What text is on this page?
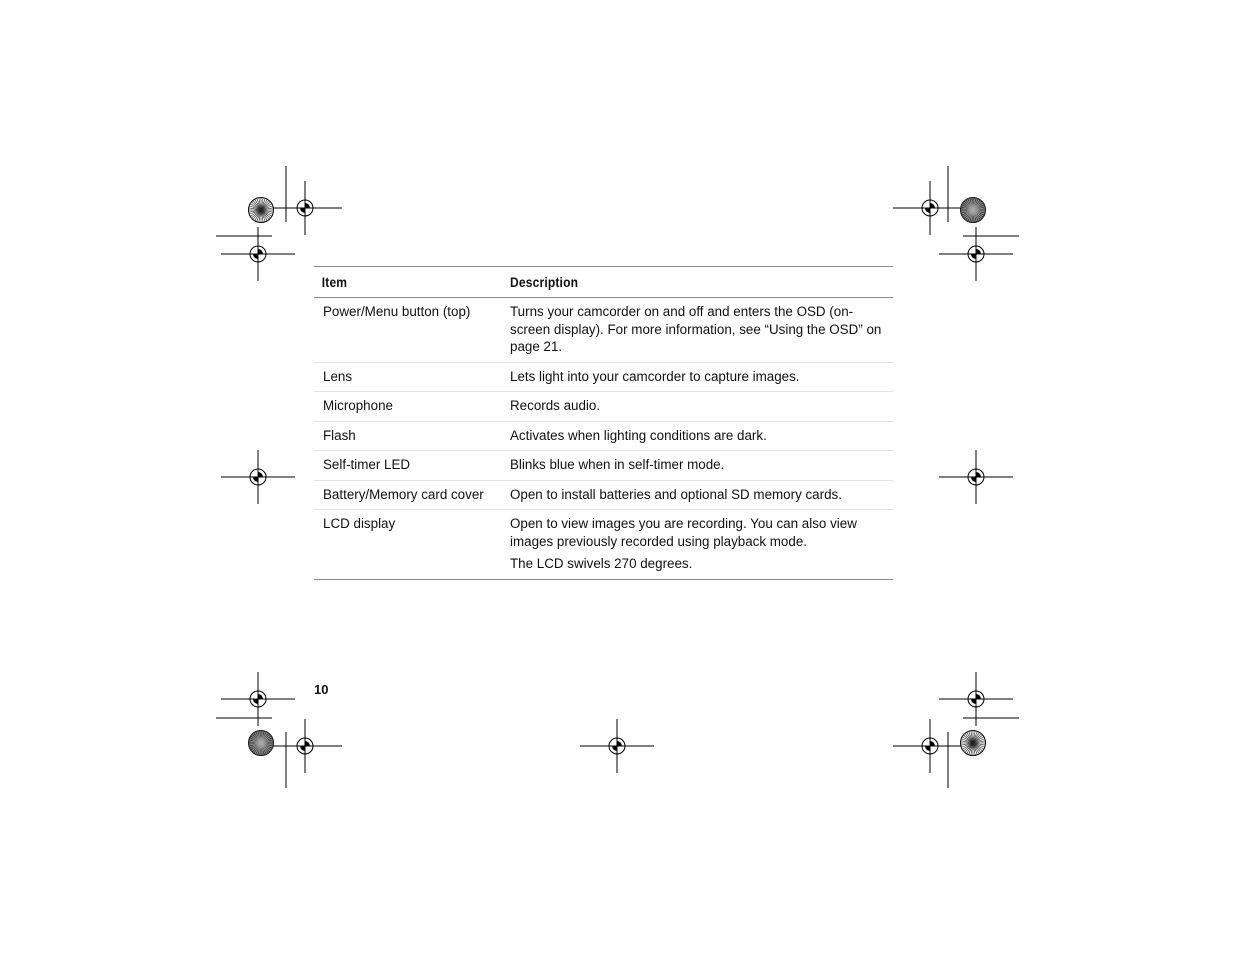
Item	Description
Power/Menu button (top)	Turns your camcorder on and off and enters the OSD (on-screen display). For more information, see “Using the OSD” on page 21.

Lens	Lets light into your camcorder to capture images.

Microphone	Records audio.

Flash	Activates when lighting conditions are dark.

Self-timer LED	Blinks blue when in self-timer mode.

Battery/Memory card cover	Open to install batteries and optional SD memory cards.

LCD display	Open to view images you are recording. You can also view images previously recorded using playback mode.

The LCD swivels 270 degrees.

10
